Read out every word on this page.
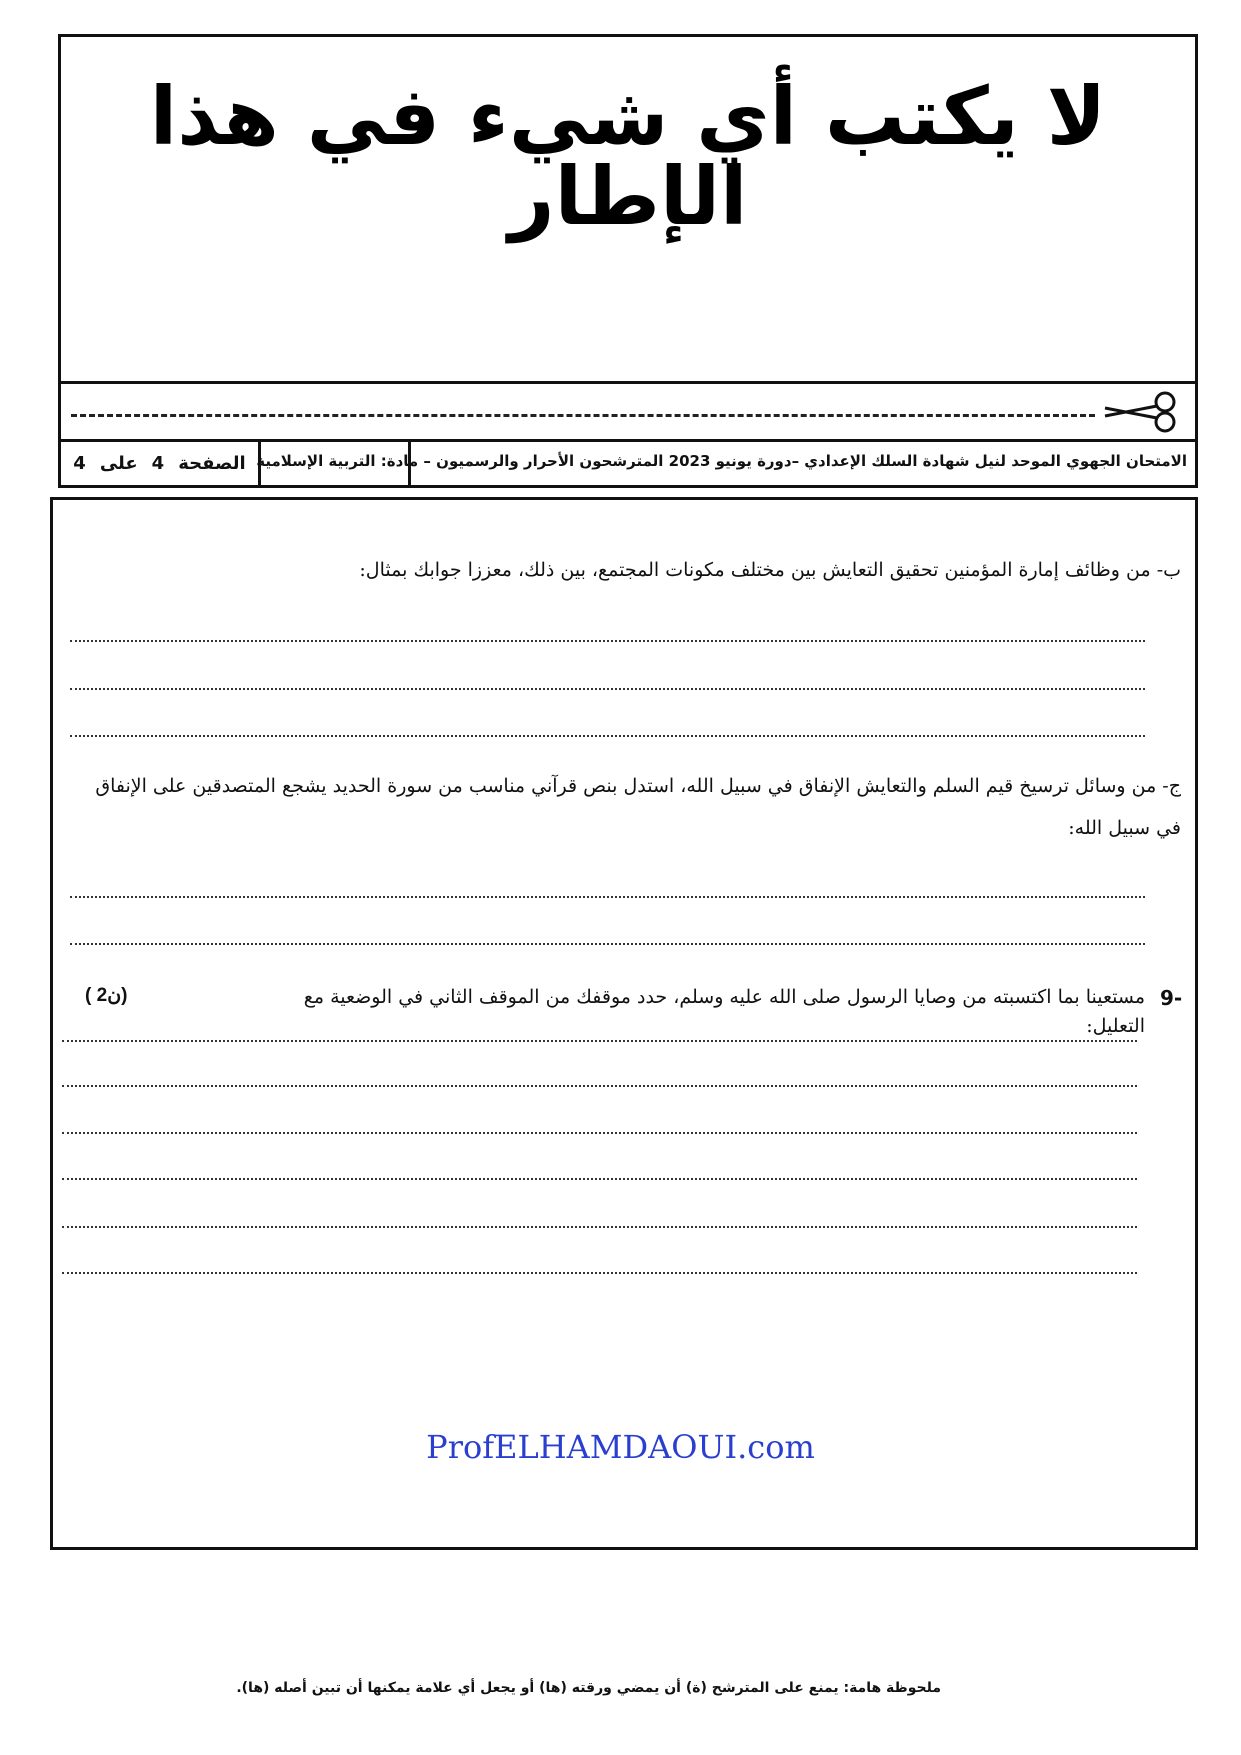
لا يكتب أي شيء في هذا الإطار
الصفحة
4
على
4	الامتحان الجهوي الموحد لنيل شهادة السلك الإعدادي –دورة يونيو 2023 المترشحون الأحرار والرسميون – مادة: التربية الإسلامية
ب- من وظائف إمارة المؤمنين تحقيق التعايش بين مختلف مكونات المجتمع، بين ذلك، معززا جوابك بمثال:
ج- من وسائل ترسيخ قيم السلم والتعايش الإنفاق في سبيل الله، استدل بنص قرآني مناسب من سورة الحديد يشجع المتصدقين على الإنفاق في سبيل الله:
9-
مستعينا بما اكتسبته من وصايا الرسول صلى الله عليه وسلم، حدد موقفك من الموقف الثاني في الوضعية مع التعليل:
( 2ن)
ProfELHAMDAOUI.com
ملحوظة هامة: يمنع على المترشح (ة) أن يمضي ورقته (ها) أو يجعل أي علامة يمكنها أن تبين أصله (ها).
